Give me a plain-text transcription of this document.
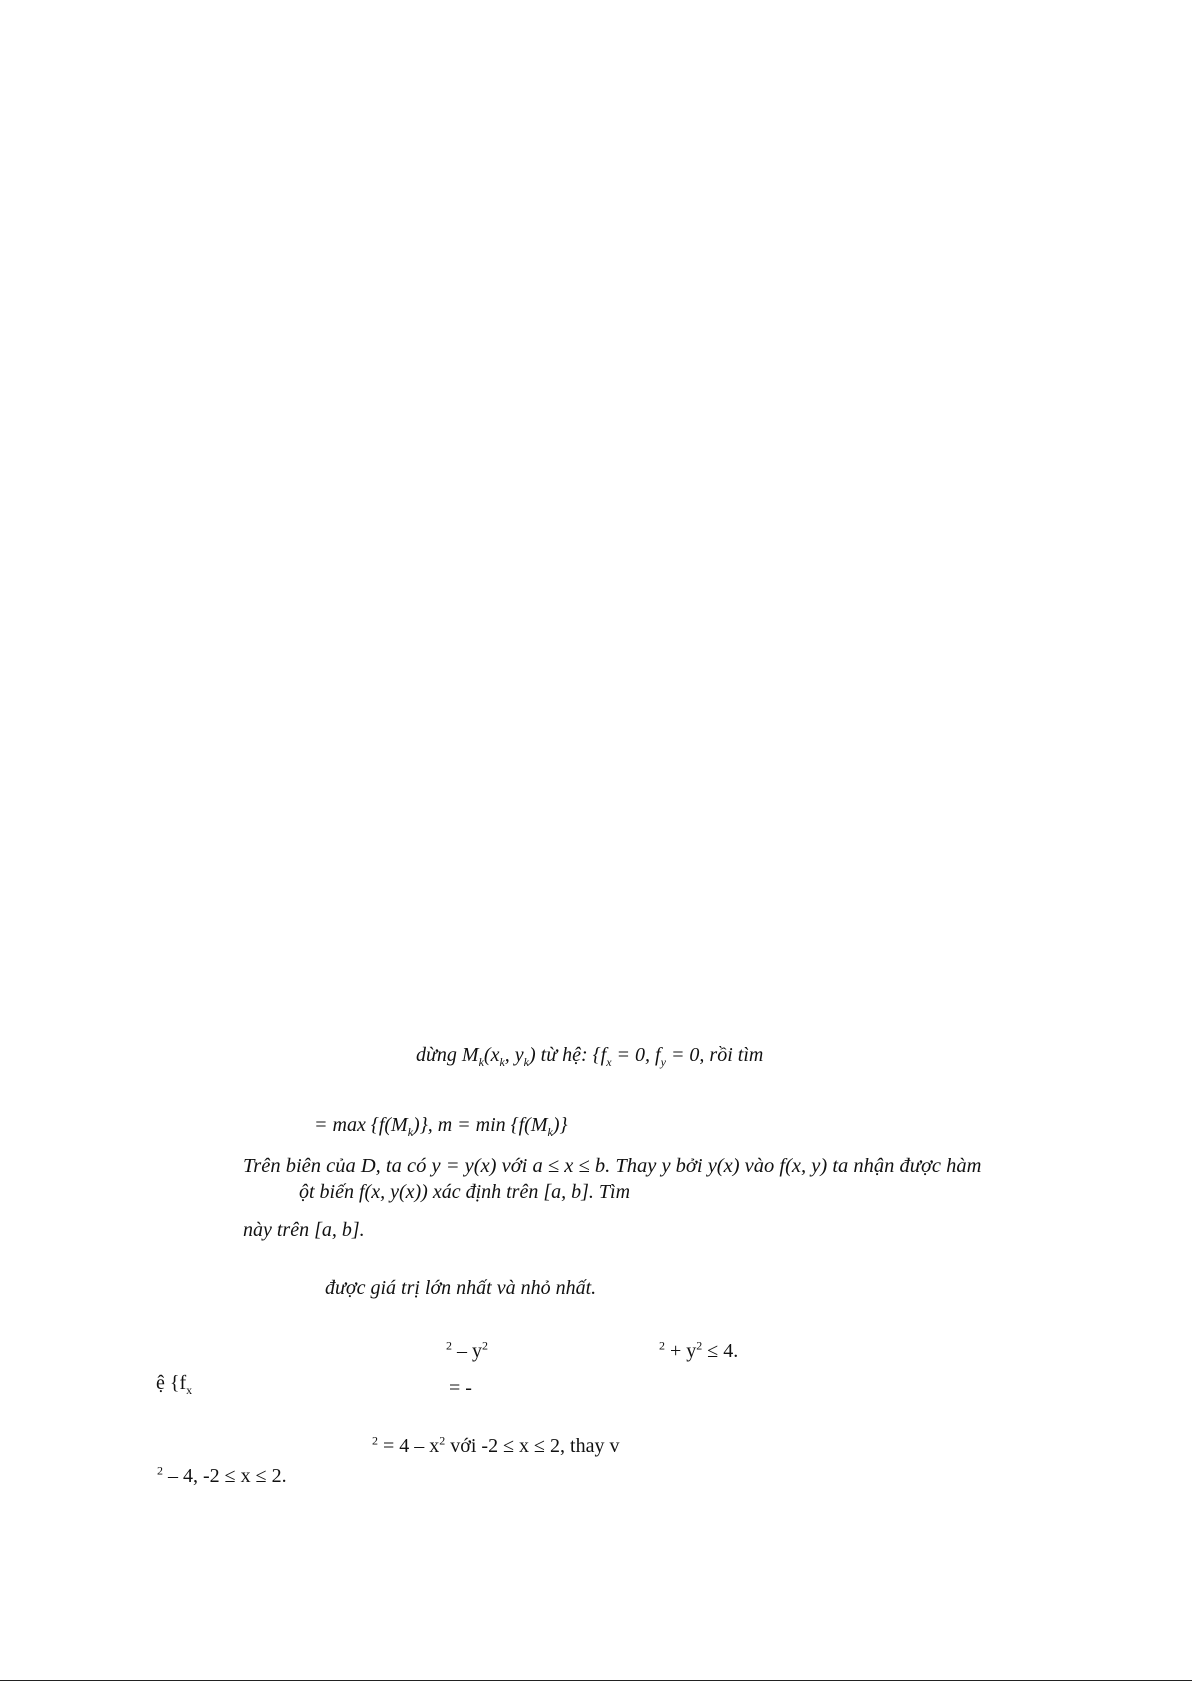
dừng $M_k(x_k$, $y_k$) từ hệ: {$f_x = 0$, $f_y = 0$, rồi tìm
= $\max \{f(M_k)\}$, $m = \min \{f(M_k)\}$
Trên biên của D, ta có y = y(x) với a ≤ x ≤ b. Thay y bởi y(x) vào f(x, y) ta nhận được hàm
ột biến f(x, y(x)) xác định trên [a, b]. Tìm
này trên [a, b].
được giá trị lớn nhất và nhỏ nhất.
$^2 - y^2$	$^2 + y^2 \le 4$.
ệ {$f_x$	= -
$^2 = 4 - x^2$ với -2 ≤ x ≤ 2, thay v
$^2$ – 4, -2 ≤ x ≤ 2.
